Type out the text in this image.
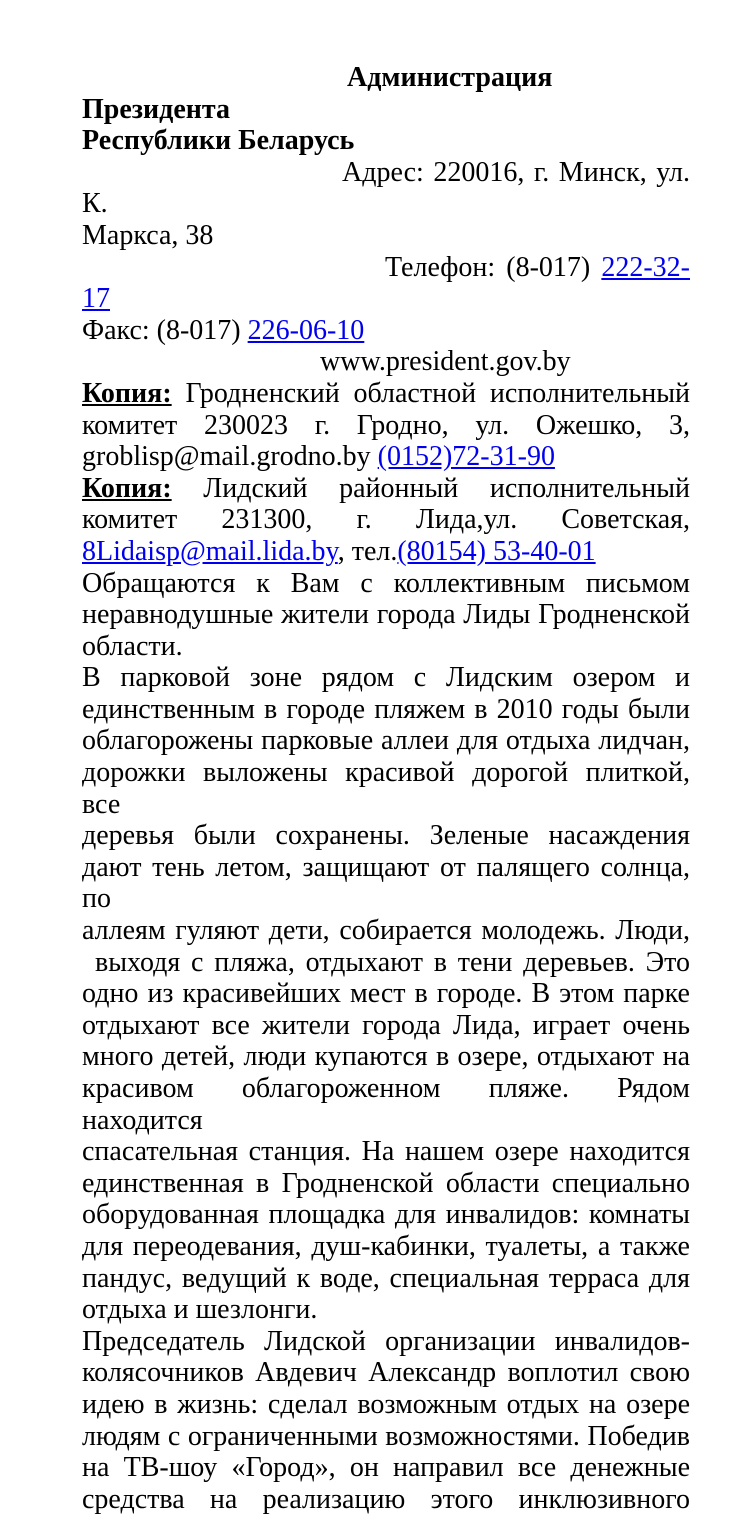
Администрация Президента
Республики Беларусь
Адрес: 220016, г. Минск, ул. К.
Маркса, 38
Телефон: (8-017) 222-32-17
Факс: (8-017) 226-06-10
www.president.gov.by
Копия: Гродненский областной исполнительный
комитет 230023 г. Гродно, ул. Ожешко, 3,
groblisp@mail.grodno.by (0152)72-31-90
Копия: Лидский районный исполнительный
комитет 231300, г. Лида,ул. Советская,
8Lidaisp@mail.lida.by, тел.(80154) 53-40-01
Обращаются к Вам с коллективным письмом
неравнодушные жители города Лиды Гродненской
области.
В парковой зоне рядом с Лидским озером и
единственным в городе пляжем в 2010 годы были
облагорожены парковые аллеи для отдыха лидчан,
дорожки выложены красивой дорогой плиткой, все
деревья были сохранены. Зеленые насаждения
дают тень летом, защищают от палящего солнца, по
аллеям гуляют дети, собирается молодежь. Люди,
выходя с пляжа, отдыхают в тени деревьев. Это
одно из красивейших мест в городе. В этом парке
отдыхают все жители города Лида, играет очень
много детей, люди купаются в озере, отдыхают на
красивом облагороженном пляже. Рядом находится
спасательная станция. На нашем озере находится
единственная в Гродненской области специально
оборудованная площадка для инвалидов: комнаты
для переодевания, душ-кабинки, туалеты, а также
пандус, ведущий к воде, специальная терраса для
отдыха и шезлонги.
Председатель Лидской организации инвалидов-
колясочников Авдевич Александр воплотил свою
идею в жизнь: сделал возможным отдых на озере
людям с ограниченными возможностями. Победив
на ТВ-шоу «Город», он направил все денежные
средства на реализацию этого инклюзивного
